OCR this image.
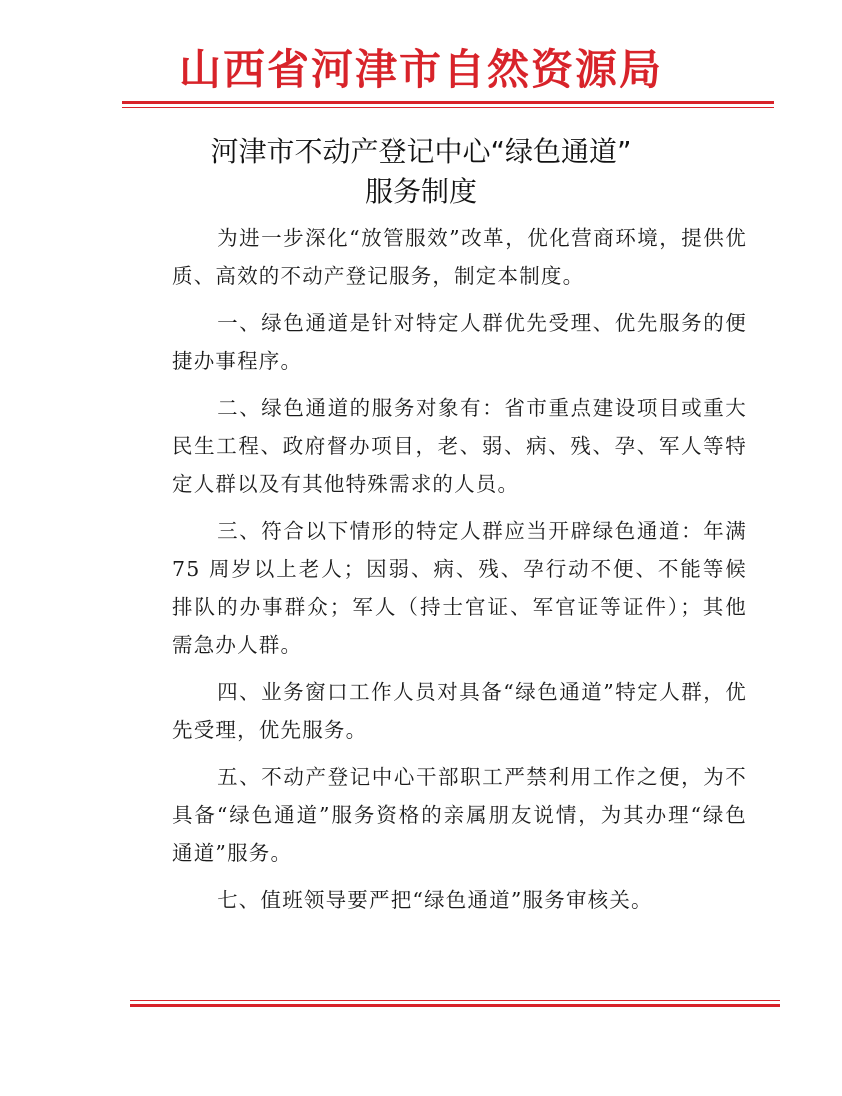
山西省河津市自然资源局
河津市不动产登记中心“绿色通道”
服务制度

为进一步深化“放管服效”改革，优化营商环境，提供优质、高效的不动产登记服务，制定本制度。

一、绿色通道是针对特定人群优先受理、优先服务的便捷办事程序。

二、绿色通道的服务对象有：省市重点建设项目或重大民生工程、政府督办项目，老、弱、病、残、孕、军人等特定人群以及有其他特殊需求的人员。

三、符合以下情形的特定人群应当开辟绿色通道：年满75 周岁以上老人；因弱、病、残、孕行动不便、不能等候排队的办事群众；军人（持士官证、军官证等证件）；其他需急办人群。

四、业务窗口工作人员对具备“绿色通道”特定人群，优先受理，优先服务。

五、不动产登记中心干部职工严禁利用工作之便，为不具备“绿色通道”服务资格的亲属朋友说情，为其办理“绿色通道”服务。

七、值班领导要严把“绿色通道”服务审核关。
